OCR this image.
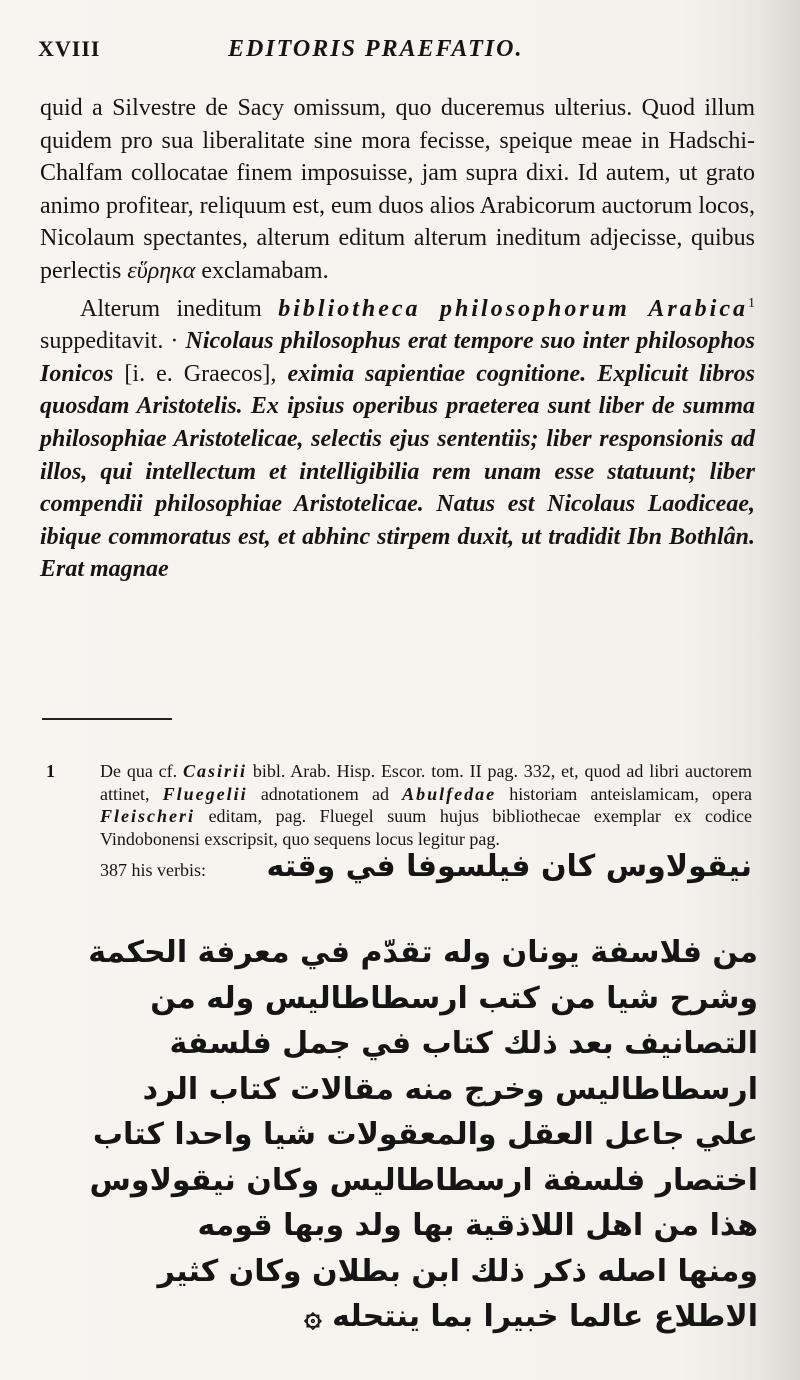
XVIII	EDITORIS PRAEFATIO.

quid a Silvestre de Sacy omissum, quo duceremus ulterius. Quod illum quidem pro sua liberalitate sine mora fecisse, speique meae in Hadschi-Chalfam collocatae finem imposuisse, jam supra dixi. Id autem, ut grato animo profitear, reliquum est, eum duos alios Arabicorum auctorum locos, Nicolaum spectantes, alterum editum alterum ineditum adjecisse, quibus perlectis εὕρηκα exclamabam.

Alterum ineditum bibliotheca philosophorum Arabica$^1$ suppeditavit. · Nicolaus philosophus erat tempore suo inter philosophos Ionicos [i. e. Graecos], eximia sapientiae cognitione. Explicuit libros quosdam Aristotelis. Ex ipsius operibus praeterea sunt liber de summa philosophiae Aristotelicae, selectis ejus sententiis; liber responsionis ad illos, qui intellectum et intelligibilia rem unam esse statuunt; liber compendii philosophiae Aristotelicae. Natus est Nicolaus Laodiceae, ibique commoratus est, et abhinc stirpem duxit, ut tradidit Ibn Bothlân. Erat magnae

1	De qua cf. Casirii bibl. Arab. Hisp. Escor. tom. II pag. 332, et, quod ad libri auctorem attinet, Fluegelii adnotationem ad Abulfedae historiam anteislamicam, opera Fleischeri editam, pag. Fluegel suum hujus bibliothecae exemplar ex codice Vindobonensi exscripsit, quo sequens locus legitur pag.
387 his verbis: نيقولاوس كان فيلسوفا في وقته
من فلاسفة يونان وله تقدّم في معرفة الحكمة
وشرح شيا من كتب ارسطاطاليس وله من
التصانيف بعد ذلك كتاب في جمل فلسفة
ارسطاطاليس وخرج منه مقالات كتاب الرد
علي جاعل العقل والمعقولات شيا واحدا كتاب
اختصار فلسفة ارسطاطاليس وكان نيقولاوس
هذا من اهل اللاذقية بها ولد وبها قومه
ومنها اصله ذكر ذلك ابن بطلان وكان كثير
الاطلاع عالما خبيرا بما ينتحله ۞
